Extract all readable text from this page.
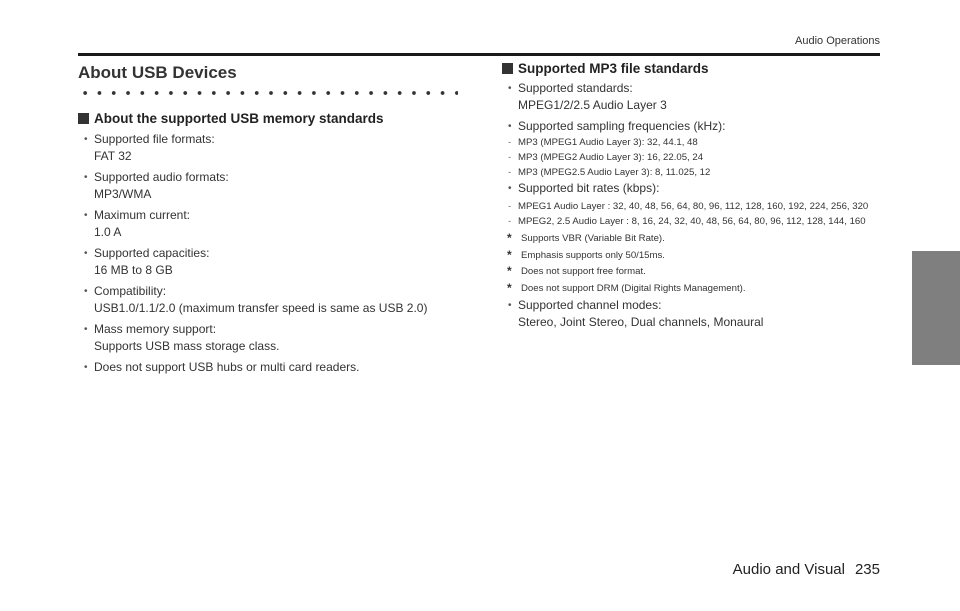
Audio Operations
About USB Devices
About the supported USB memory standards
• Supported file formats:
FAT 32
• Supported audio formats:
MP3/WMA
• Maximum current:
1.0 A
• Supported capacities:
16 MB to 8 GB
• Compatibility:
USB1.0/1.1/2.0 (maximum transfer speed is same as USB 2.0)
• Mass memory support:
Supports USB mass storage class.
• Does not support USB hubs or multi card readers.
Supported MP3 file standards
• Supported standards:
MPEG1/2/2.5 Audio Layer 3
• Supported sampling frequencies (kHz):
- MP3 (MPEG1 Audio Layer 3): 32, 44.1, 48
- MP3 (MPEG2 Audio Layer 3): 16, 22.05, 24
- MP3 (MPEG2.5 Audio Layer 3): 8, 11.025, 12
• Supported bit rates (kbps):
- MPEG1 Audio Layer : 32, 40, 48, 56, 64, 80, 96, 112, 128, 160, 192, 224, 256, 320
- MPEG2, 2.5 Audio Layer : 8, 16, 24, 32, 40, 48, 56, 64, 80, 96, 112, 128, 144, 160
* Supports VBR (Variable Bit Rate).
* Emphasis supports only 50/15ms.
* Does not support free format.
* Does not support DRM (Digital Rights Management).
• Supported channel modes:
Stereo, Joint Stereo, Dual channels, Monaural
Audio and Visual 235
